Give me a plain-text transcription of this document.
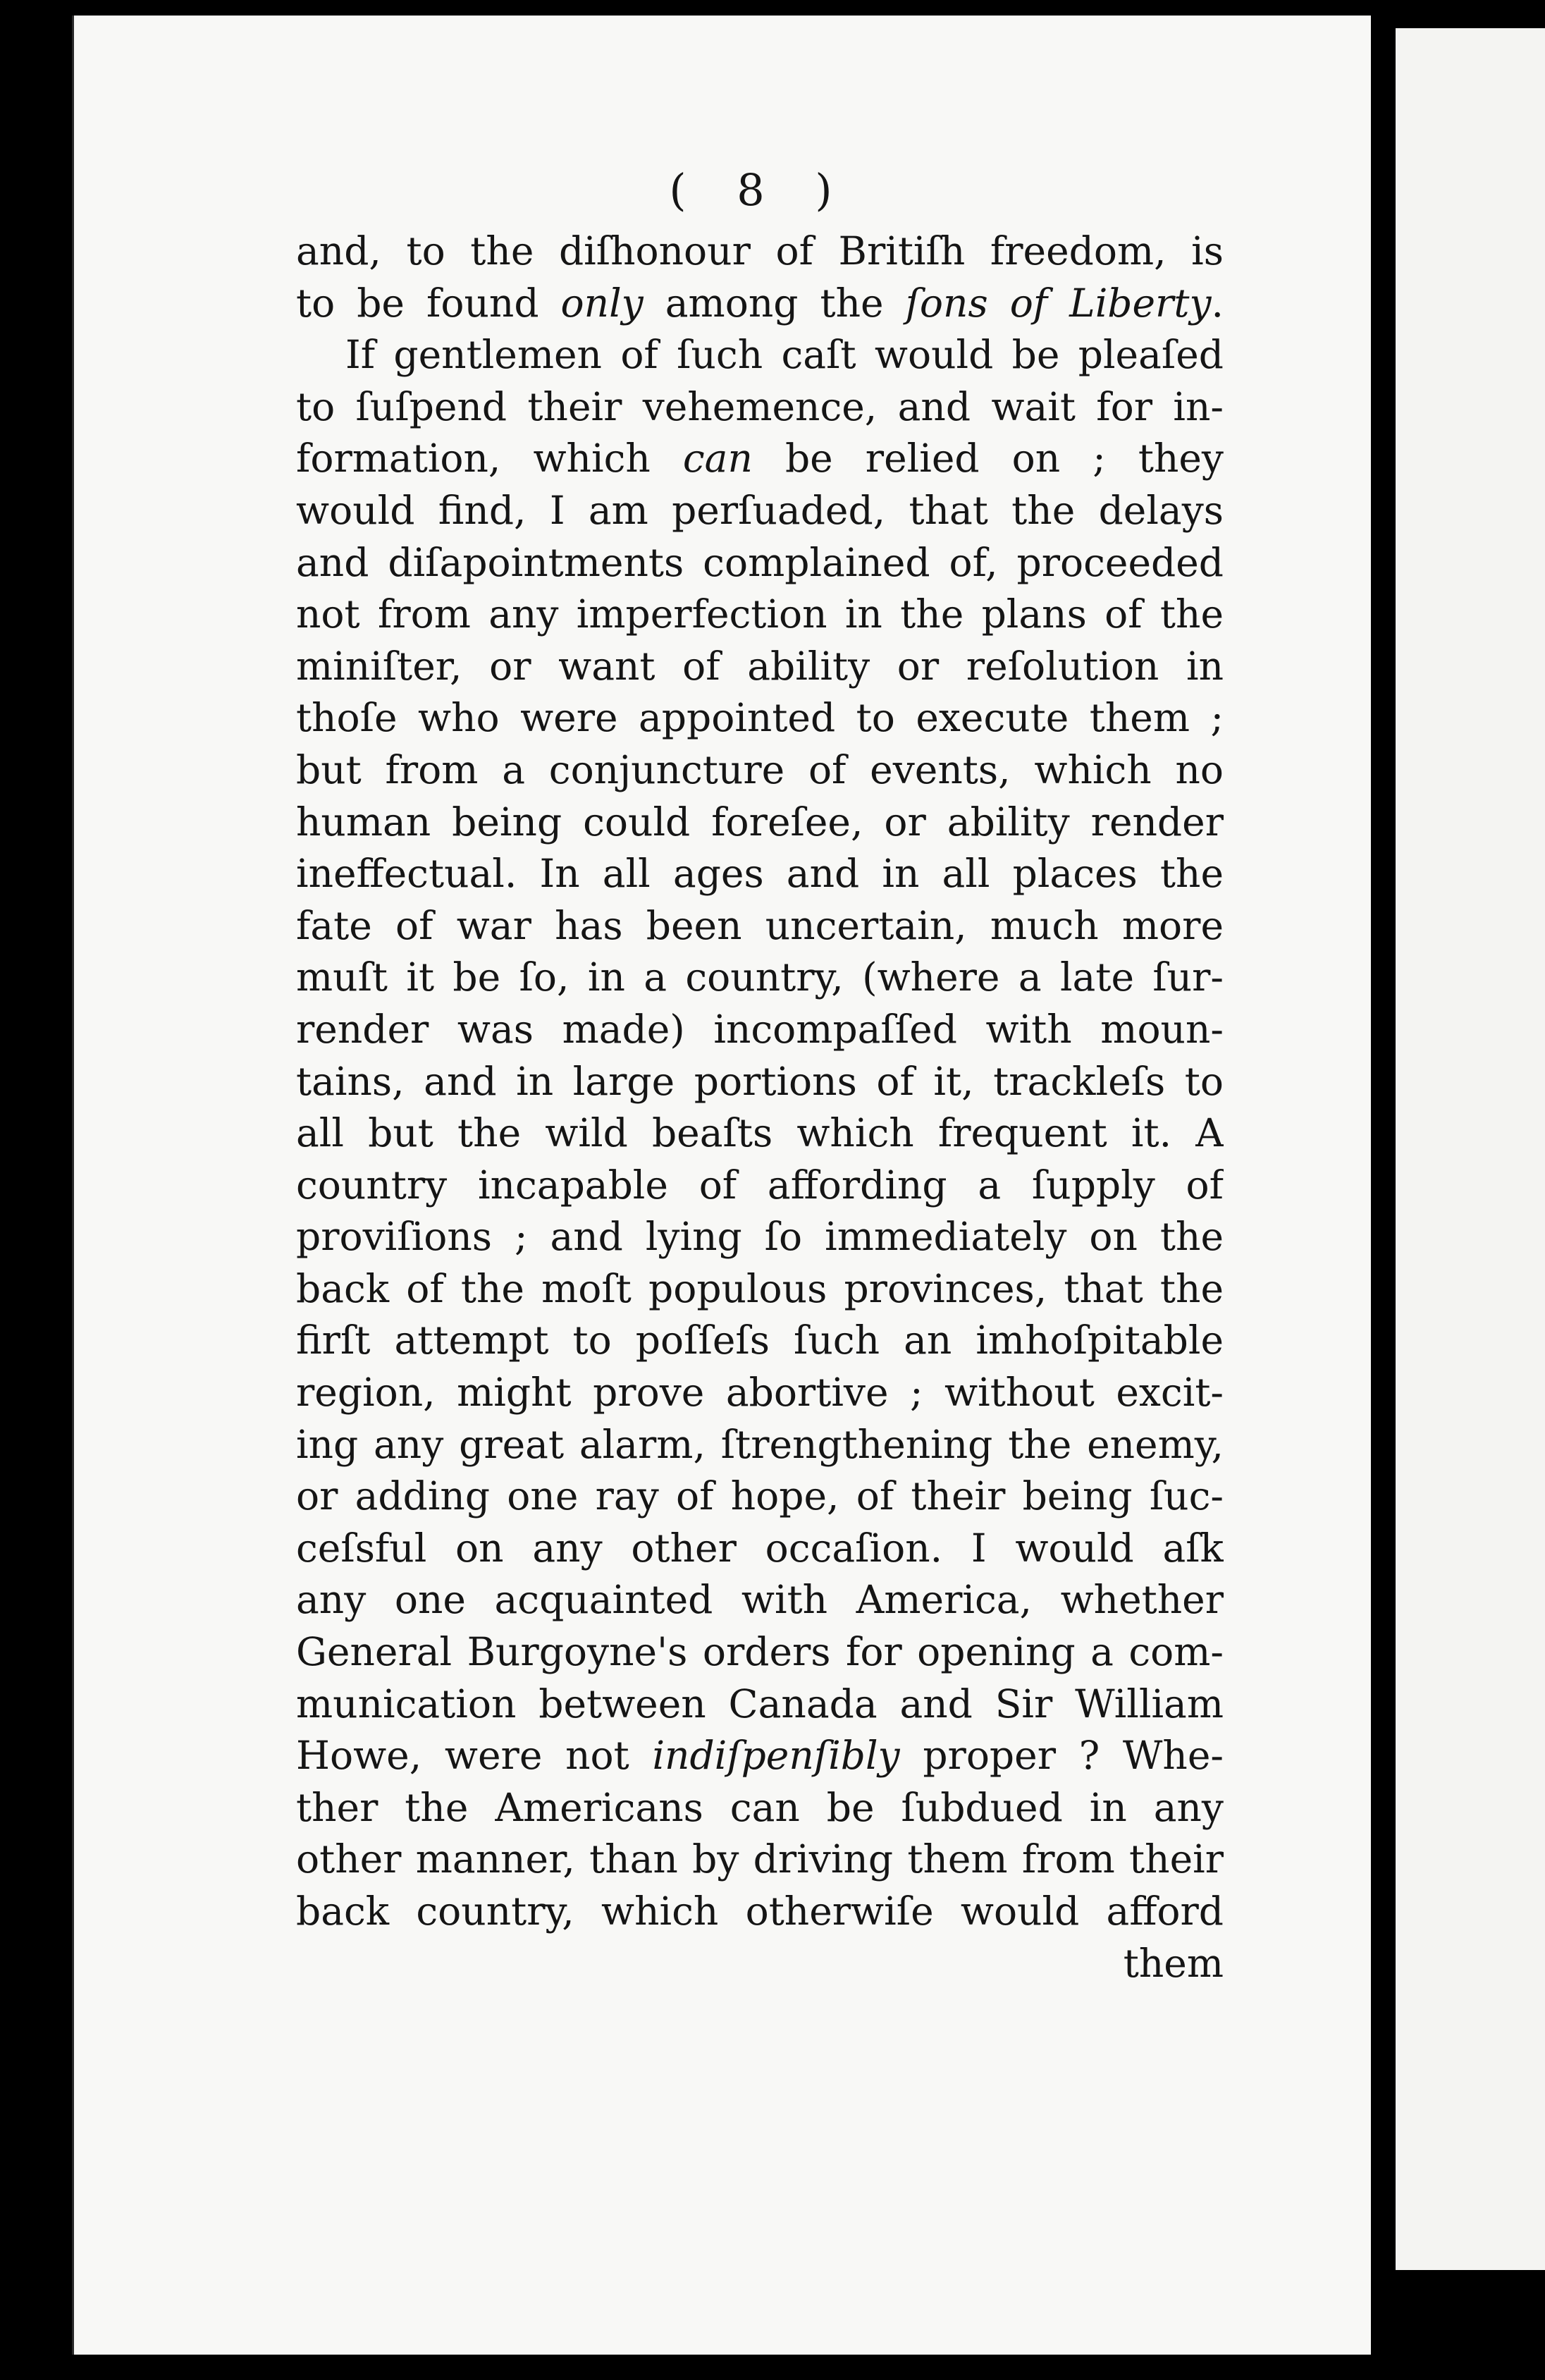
( 8 )
and, to the diſhonour of Britiſh freedom, is
to be found only among the ſons of Liberty.
If gentlemen of ſuch caſt would be pleaſed
to ſuſpend their vehemence, and wait for in-
formation, which can be relied on ; they
would find, I am perſuaded, that the delays
and diſapointments complained of, proceeded
not from any imperfection in the plans of the
miniſter, or want of ability or reſolution in
thoſe who were appointed to execute them ;
but from a conjuncture of events, which no
human being could foreſee, or ability render
ineffectual. In all ages and in all places the
fate of war has been uncertain, much more
muſt it be ſo, in a country, (where a late ſur-
render was made) incompaſſed with moun-
tains, and in large portions of it, trackleſs to
all but the wild beaſts which frequent it. A
country incapable of affording a ſupply of
proviſions ; and lying ſo immediately on the
back of the moſt populous provinces, that the
firſt attempt to poſſeſs ſuch an imhoſpitable
region, might prove abortive ; without excit-
ing any great alarm, ſtrengthening the enemy,
or adding one ray of hope, of their being ſuc-
ceſsful on any other occaſion. I would aſk
any one acquainted with America, whether
General Burgoyne's orders for opening a com-
munication between Canada and Sir William
Howe, were not indiſpenſibly proper ? Whe-
ther the Americans can be ſubdued in any
other manner, than by driving them from their
back country, which otherwiſe would afford
them
